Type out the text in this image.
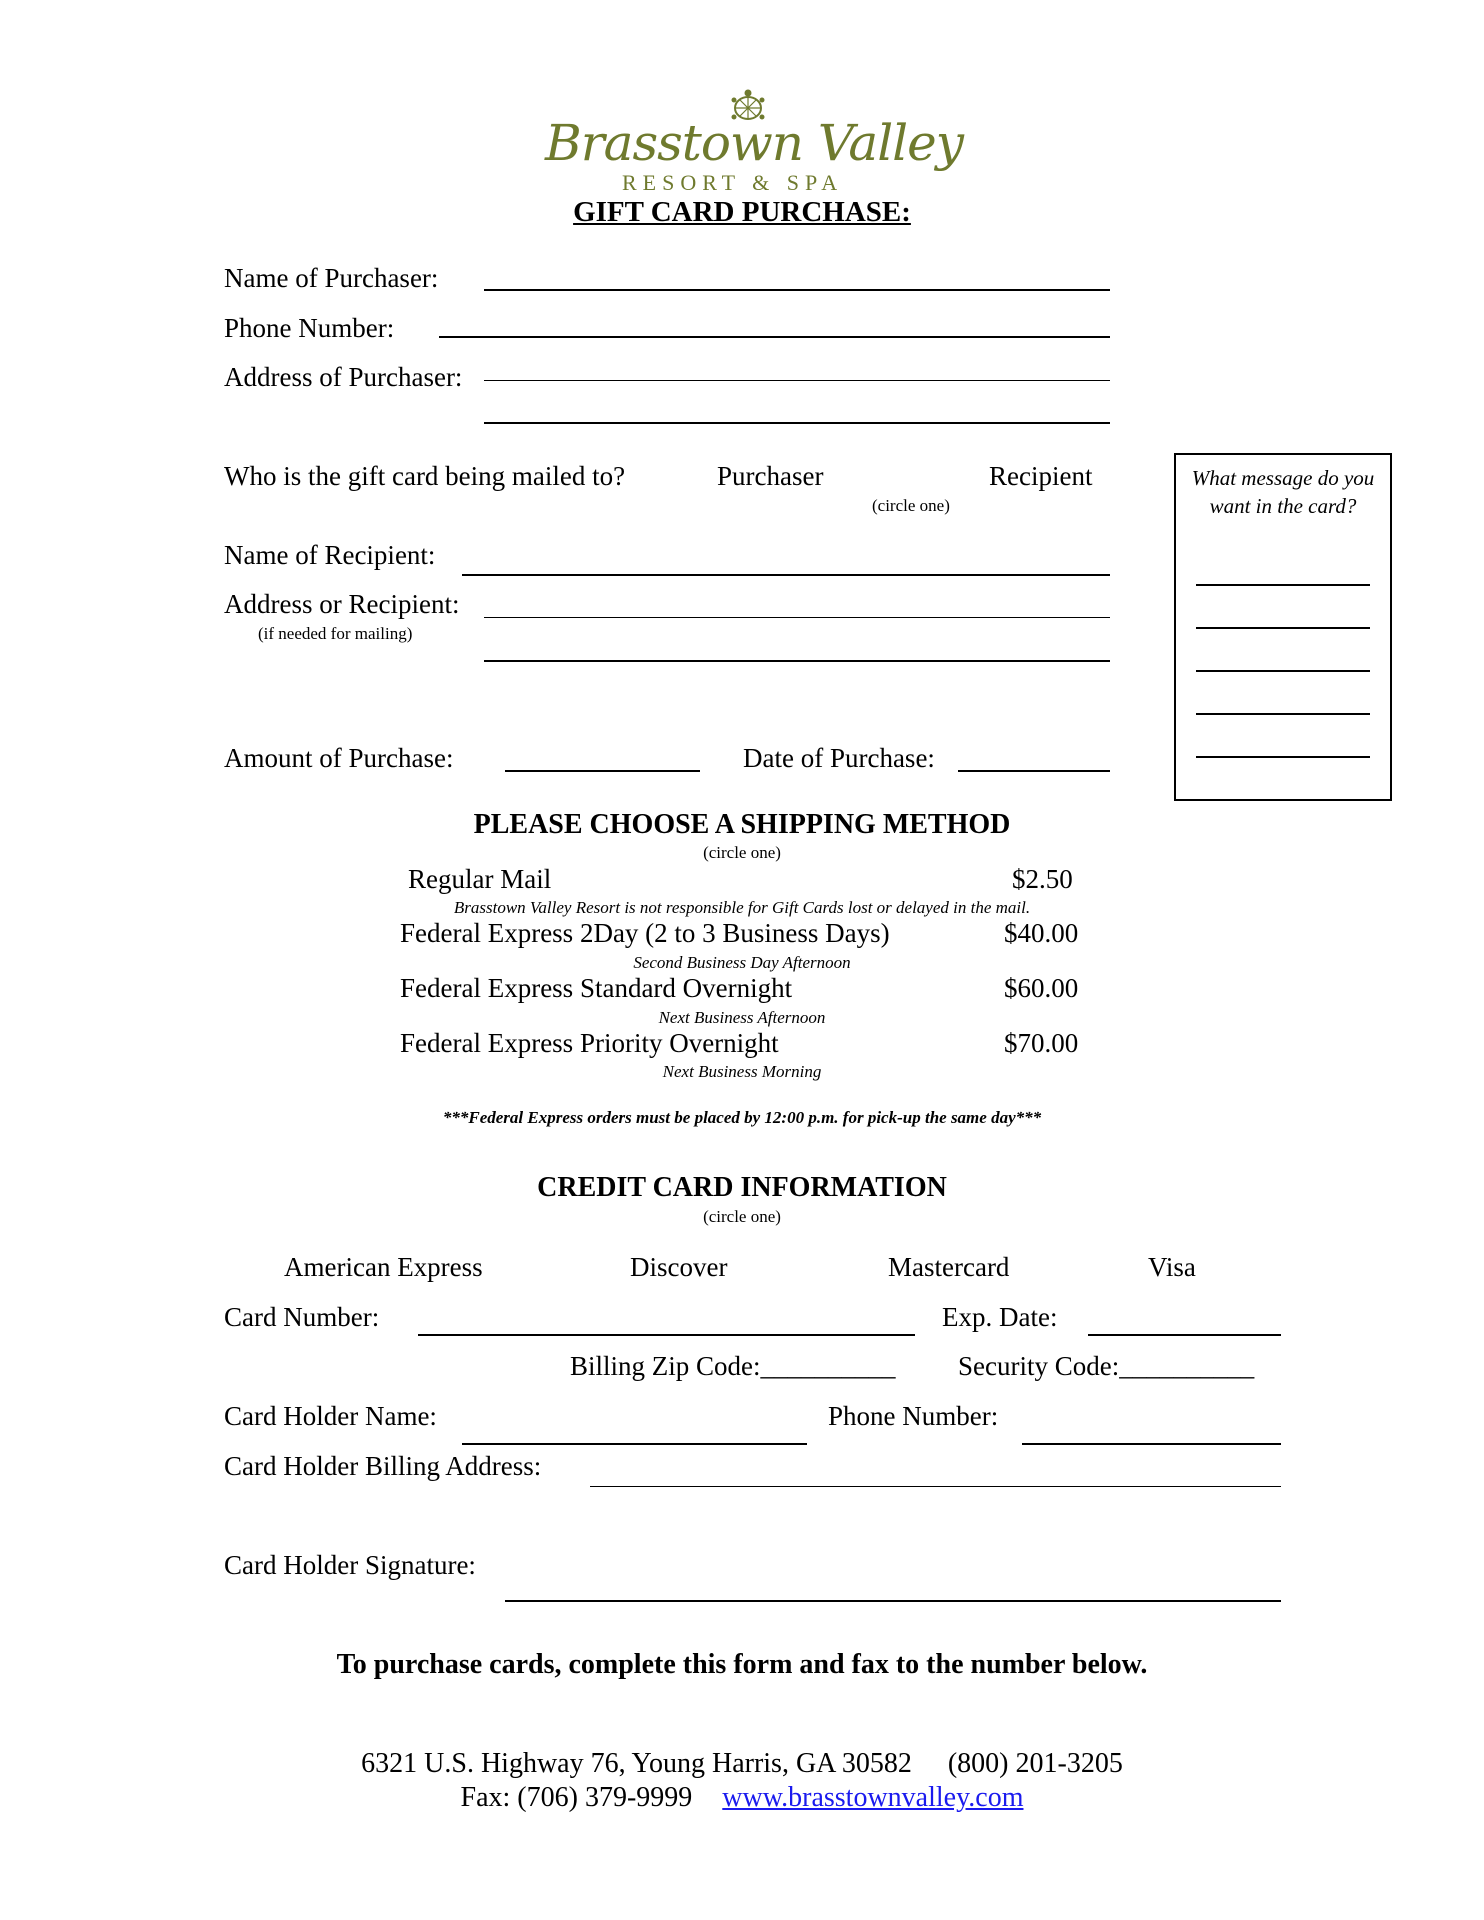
Brasstown Valley
RESORT & SPA
GIFT CARD PURCHASE:
Name of Purchaser:
Phone Number:
Address of Purchaser:
Who is the gift card being mailed to?	Purchaser	Recipient
(circle one)
Name of Recipient:
Address or Recipient:
(if needed for mailing)
Amount of Purchase:	Date of Purchase:
What message do you want in the card?
PLEASE CHOOSE A SHIPPING METHOD
(circle one)
Regular Mail	$2.50
Brasstown Valley Resort is not responsible for Gift Cards lost or delayed in the mail.
Federal Express 2Day (2 to 3 Business Days)	$40.00
Second Business Day Afternoon
Federal Express Standard Overnight	$60.00
Next Business Afternoon
Federal Express Priority Overnight	$70.00
Next Business Morning
***Federal Express orders must be placed by 12:00 p.m. for pick-up the same day***
CREDIT CARD INFORMATION
(circle one)
American Express	Discover	Mastercard	Visa
Card Number:	Exp. Date:
Billing Zip Code:__________ Security Code:__________
Card Holder Name:	Phone Number:
Card Holder Billing Address:
Card Holder Signature:
To purchase cards, complete this form and fax to the number below.
6321 U.S. Highway 76, Young Harris, GA 30582 (800) 201-3205
Fax: (706) 379-9999 www.brasstownvalley.com
